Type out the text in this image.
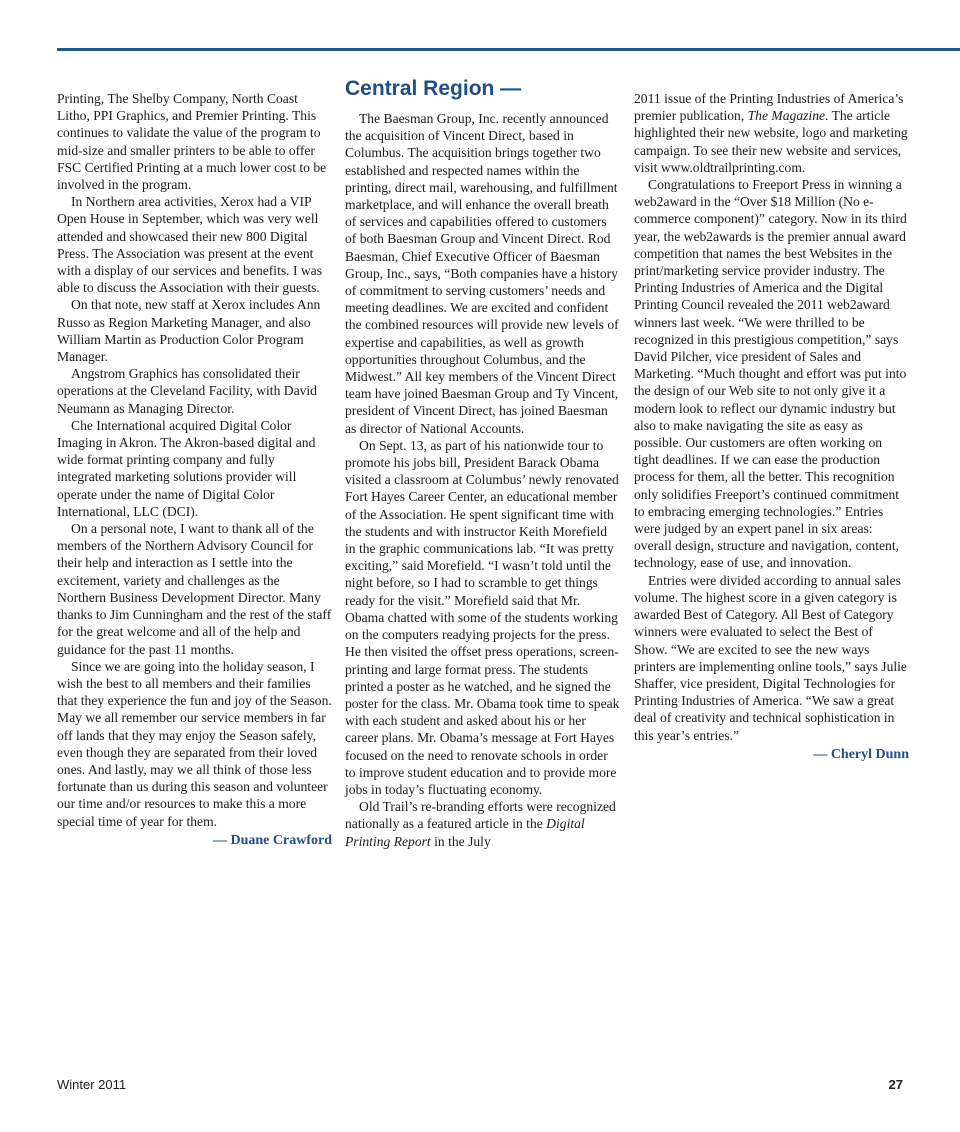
Printing, The Shelby Company, North Coast Litho, PPI Graphics, and Premier Printing. This continues to validate the value of the program to mid-size and smaller printers to be able to offer FSC Certified Printing at a much lower cost to be involved in the program.

In Northern area activities, Xerox had a VIP Open House in September, which was very well attended and showcased their new 800 Digital Press. The Association was present at the event with a display of our services and benefits. I was able to discuss the Association with their guests.

On that note, new staff at Xerox includes Ann Russo as Region Marketing Manager, and also William Martin as Production Color Program Manager.

Angstrom Graphics has consolidated their operations at the Cleveland Facility, with David Neumann as Managing Director.

Che International acquired Digital Color Imaging in Akron. The Akron-based digital and wide format printing company and fully integrated marketing solutions provider will operate under the name of Digital Color International, LLC (DCI).

On a personal note, I want to thank all of the members of the Northern Advisory Council for their help and interaction as I settle into the excitement, variety and challenges as the Northern Business Development Director. Many thanks to Jim Cunningham and the rest of the staff for the great welcome and all of the help and guidance for the past 11 months.

Since we are going into the holiday season, I wish the best to all members and their families that they experience the fun and joy of the Season. May we all remember our service members in far off lands that they may enjoy the Season safely, even though they are separated from their loved ones. And lastly, may we all think of those less fortunate than us during this season and volunteer our time and/or resources to make this a more special time of year for them.

— Duane Crawford
Central Region —

The Baesman Group, Inc. recently announced the acquisition of Vincent Direct, based in Columbus. The acquisition brings together two established and respected names within the printing, direct mail, warehousing, and fulfillment marketplace, and will enhance the overall breath of services and capabilities offered to customers of both Baesman Group and Vincent Direct. Rod Baesman, Chief Executive Officer of Baesman Group, Inc., says, “Both companies have a history of commitment to serving customers’ needs and meeting deadlines. We are excited and confident the combined resources will provide new levels of expertise and capabilities, as well as growth opportunities throughout Columbus, and the Midwest.” All key members of the Vincent Direct team have joined Baesman Group and Ty Vincent, president of Vincent Direct, has joined Baesman as director of National Accounts.

On Sept. 13, as part of his nationwide tour to promote his jobs bill, President Barack Obama visited a classroom at Columbus’ newly renovated Fort Hayes Career Center, an educational member of the Association. He spent significant time with the students and with instructor Keith Morefield in the graphic communications lab. “It was pretty exciting,” said Morefield. “I wasn’t told until the night before, so I had to scramble to get things ready for the visit.” Morefield said that Mr. Obama chatted with some of the students working on the computers readying projects for the press. He then visited the offset press operations, screen-printing and large format press. The students printed a poster as he watched, and he signed the poster for the class. Mr. Obama took time to speak with each student and asked about his or her career plans. Mr. Obama’s message at Fort Hayes focused on the need to renovate schools in order to improve student education and to provide more jobs in today’s fluctuating economy.

Old Trail’s re-branding efforts were recognized nationally as a featured article in the Digital Printing Report in the July

2011 issue of the Printing Industries of America’s premier publication, The Magazine. The article highlighted their new website, logo and marketing campaign. To see their new website and services, visit www.oldtrailprinting.com.

Congratulations to Freeport Press in winning a web2award in the “Over $18 Million (No e-commerce component)” category. Now in its third year, the web2awards is the premier annual award competition that names the best Websites in the print/marketing service provider industry. The Printing Industries of America and the Digital Printing Council revealed the 2011 web2award winners last week. “We were thrilled to be recognized in this prestigious competition,” says David Pilcher, vice president of Sales and Marketing. “Much thought and effort was put into the design of our Web site to not only give it a modern look to reflect our dynamic industry but also to make navigating the site as easy as possible. Our customers are often working on tight deadlines. If we can ease the production process for them, all the better. This recognition only solidifies Freeport’s continued commitment to embracing emerging technologies.” Entries were judged by an expert panel in six areas: overall design, structure and navigation, content, technology, ease of use, and innovation.

Entries were divided according to annual sales volume. The highest score in a given category is awarded Best of Category. All Best of Category winners were evaluated to select the Best of Show. “We are excited to see the new ways printers are implementing online tools,” says Julie Shaffer, vice president, Digital Technologies for Printing Industries of America. “We saw a great deal of creativity and technical sophistication in this year’s entries.”

— Cheryl Dunn
Winter 2011	27
